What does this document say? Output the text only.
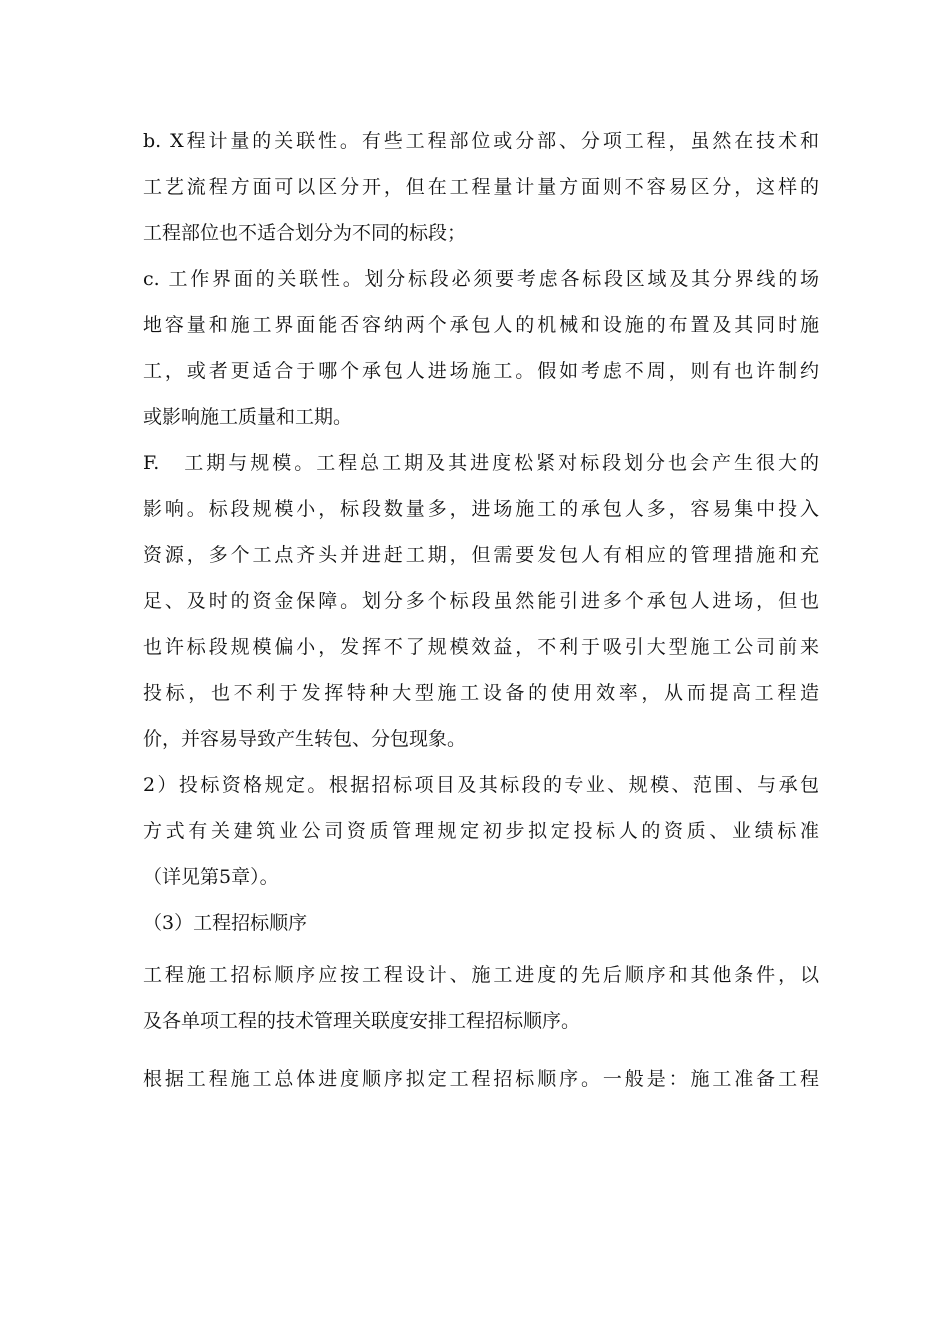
b. X程计量的关联性。有些工程部位或分部、分项工程，虽然在技术和
工艺流程方面可以区分开，但在工程量计量方面则不容易区分，这样的
工程部位也不适合划分为不同的标段；
c. 工作界面的关联性。划分标段必须要考虑各标段区域及其分界线的场
地容量和施工界面能否容纳两个承包人的机械和设施的布置及其同时施
工，或者更适合于哪个承包人进场施工。假如考虑不周，则有也许制约
或影响施工质量和工期。
F.　工期与规模。工程总工期及其进度松紧对标段划分也会产生很大的
影响。标段规模小，标段数量多，进场施工的承包人多，容易集中投入
资源，多个工点齐头并进赶工期，但需要发包人有相应的管理措施和充
足、及时的资金保障。划分多个标段虽然能引进多个承包人进场，但也
也许标段规模偏小，发挥不了规模效益，不利于吸引大型施工公司前来
投标，也不利于发挥特种大型施工设备的使用效率，从而提高工程造
价，并容易导致产生转包、分包现象。
2）投标资格规定。根据招标项目及其标段的专业、规模、范围、与承包
方式有关建筑业公司资质管理规定初步拟定投标人的资质、业绩标准
（详见第5章）。
（3）工程招标顺序
工程施工招标顺序应按工程设计、施工进度的先后顺序和其他条件，以
及各单项工程的技术管理关联度安排工程招标顺序。
根据工程施工总体进度顺序拟定工程招标顺序。一般是：施工准备工程
